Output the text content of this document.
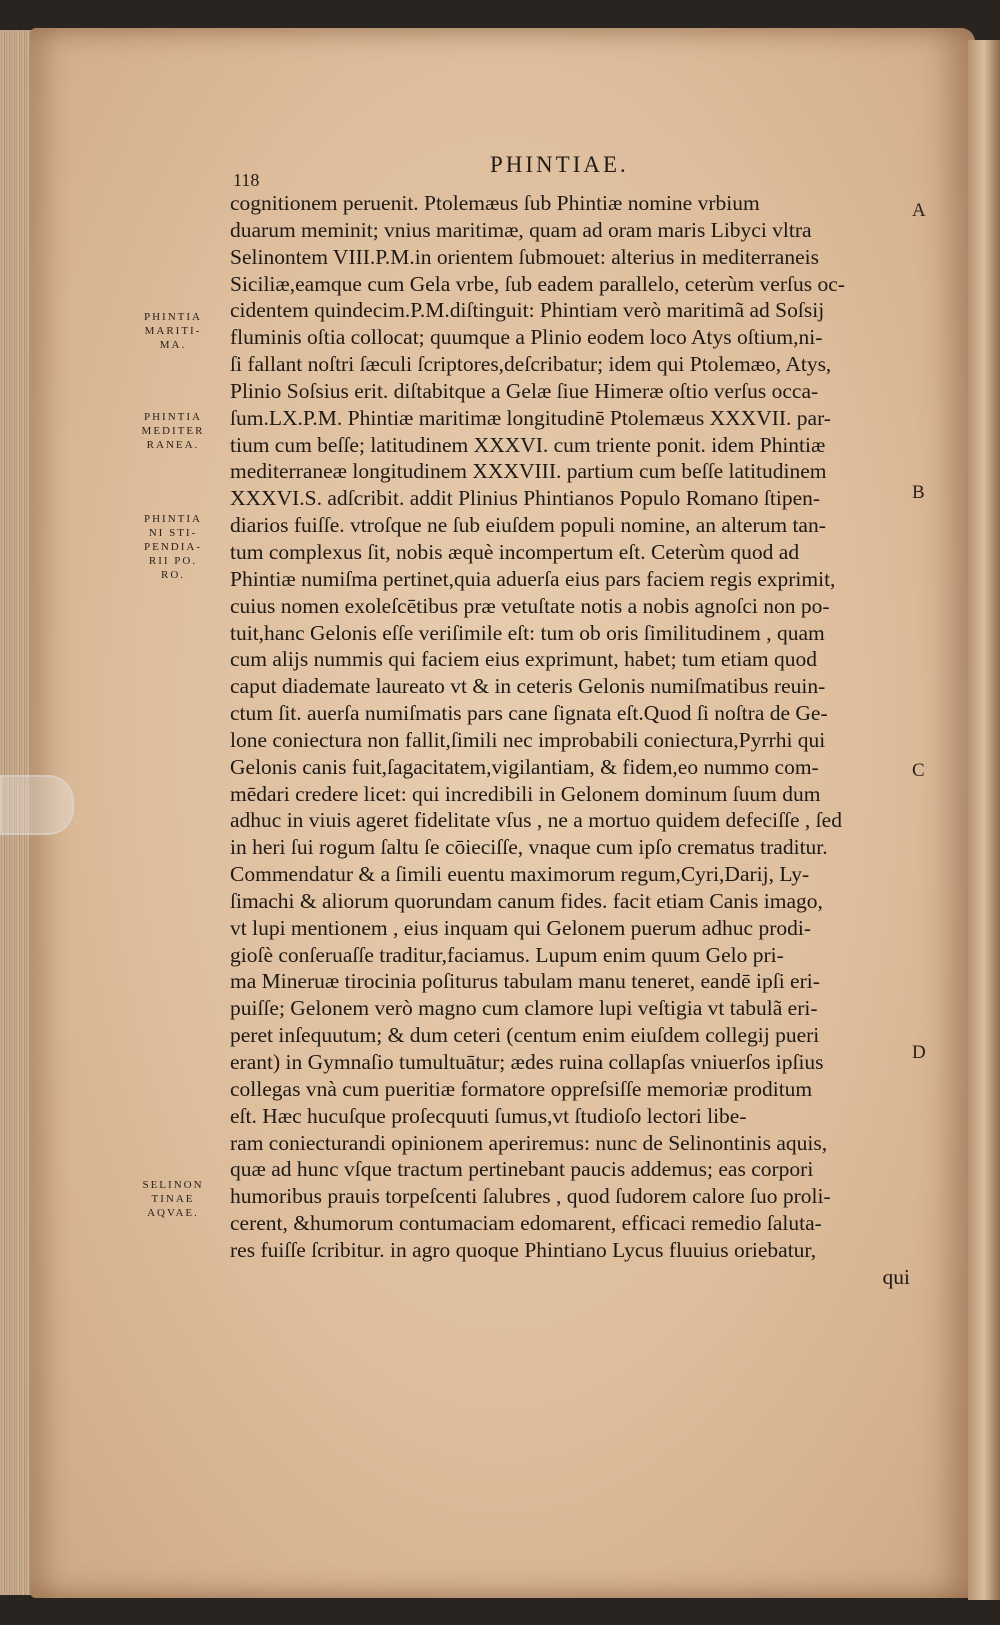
PHINTIAE.
118
cognitionem peruenit. Ptolemæus ſub Phintiæ nomine vrbium
duarum meminit; vnius maritimæ, quam ad oram maris Libyci vltra
Selinontem VIII.P.M.in orientem ſubmouet: alterius in mediterraneis
Siciliæ,eamque cum Gela vrbe, ſub eadem parallelo, ceterùm verſus oc-
cidentem quindecim.P.M.diſtinguit: Phintiam verò maritimã ad Soſsij
fluminis oſtia collocat; quumque a Plinio eodem loco Atys oſtium,ni-
ſi fallant noſtri ſæculi ſcriptores,deſcribatur; idem qui Ptolemæo, Atys,
Plinio Soſsius erit. diſtabitque a Gelæ ſiue Himeræ oſtio verſus occa-
ſum.LX.P.M. Phintiæ maritimæ longitudinē Ptolemæus XXXVII. par-
tium cum beſſe; latitudinem XXXVI. cum triente ponit. idem Phintiæ
mediterraneæ longitudinem XXXVIII. partium cum beſſe latitudinem
XXXVI.S. adſcribit. addit Plinius Phintianos Populo Romano ſtipen-
diarios fuiſſe. vtroſque ne ſub eiuſdem populi nomine, an alterum tan-
tum complexus ſit, nobis æquè incompertum eſt. Ceterùm quod ad
Phintiæ numiſma pertinet,quia aduerſa eius pars faciem regis exprimit,
cuius nomen exoleſcētibus præ vetuſtate notis a nobis agnoſci non po-
tuit,hanc Gelonis eſſe veriſimile eſt: tum ob oris ſimilitudinem , quam
cum alijs nummis qui faciem eius exprimunt, habet; tum etiam quod
caput diademate laureato vt & in ceteris Gelonis numiſmatibus reuin-
ctum ſit. auerſa numiſmatis pars cane ſignata eſt.Quod ſi noſtra de Ge-
lone coniectura non fallit,ſimili nec improbabili coniectura,Pyrrhi qui
Gelonis canis fuit,ſagacitatem,vigilantiam, & fidem,eo nummo com-
mēdari credere licet: qui incredibili in Gelonem dominum ſuum dum
adhuc in viuis ageret fidelitate vſus , ne a mortuo quidem defeciſſe , ſed
in heri ſui rogum ſaltu ſe cōieciſſe, vnaque cum ipſo crematus traditur.
Commendatur & a ſimili euentu maximorum regum,Cyri,Darij, Ly-
ſimachi & aliorum quorundam canum fides. facit etiam Canis imago,
vt lupi mentionem , eius inquam qui Gelonem puerum adhuc prodi-
gioſè conſeruaſſe traditur,faciamus. Lupum enim quum Gelo pri-
ma Mineruæ tirocinia poſiturus tabulam manu teneret, eandē ipſi eri-
puiſſe; Gelonem verò magno cum clamore lupi veſtigia vt tabulã eri-
peret inſequutum; & dum ceteri (centum enim eiuſdem collegij pueri
erant) in Gymnaſio tumultuātur; ædes ruina collapſas vniuerſos ipſius
collegas vnà cum pueritiæ formatore oppreſsiſſe memoriæ proditum
eſt. Hæc hucuſque proſecquuti ſumus,vt ſtudioſo lectori libe-
ram coniecturandi opinionem aperiremus: nunc de Selinontinis aquis,
quæ ad hunc vſque tractum pertinebant paucis addemus; eas corpori
humoribus prauis torpeſcenti ſalubres , quod ſudorem calore ſuo proli-
cerent, &humorum contumaciam edomarent, efficaci remedio ſaluta-
res fuiſſe ſcribitur. in agro quoque Phintiano Lycus fluuius oriebatur,
qui
PHINTIA
MARITI-
MA.
PHINTIA
MEDITER
RANEA.
PHINTIA
NI STI-
PENDIA-
RII PO.
RO.
SELINON
TINAE
AQVAE.
A
B
C
D
